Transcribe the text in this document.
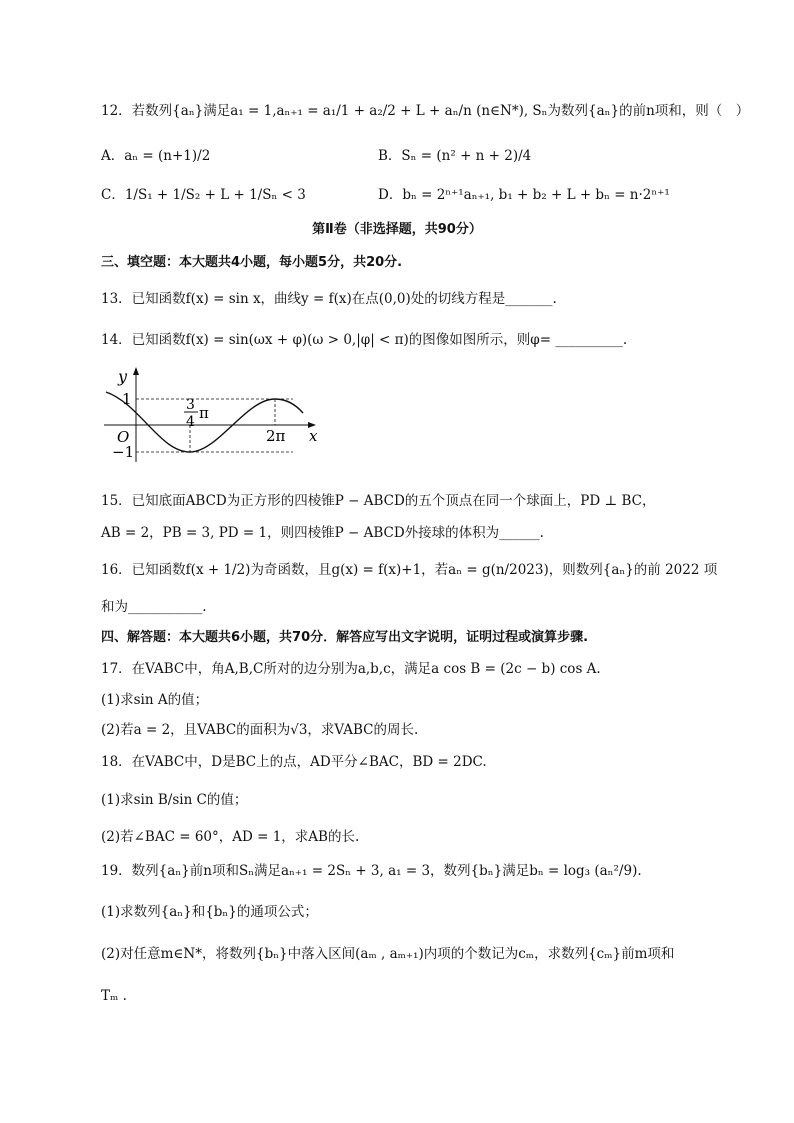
12．若数列{aₙ}满足a₁ = 1,aₙ₊₁ = a₁/1 + a₂/2 + L + aₙ/n (n∈N*), Sₙ为数列{aₙ}的前n项和，则（　）
A．aₙ = (n+1)/2	B．Sₙ = (n² + n + 2)/4
C．1/S₁ + 1/S₂ + L + 1/Sₙ < 3	D．bₙ = 2ⁿ⁺¹aₙ₊₁, b₁ + b₂ + L + bₙ = n·2ⁿ⁺¹
第Ⅱ卷（非选择题，共90分）
三、填空题：本大题共4小题，每小题5分，共20分.
13．已知函数f(x) = sin x，曲线y = f(x)在点(0,0)处的切线方程是_______.
14．已知函数f(x) = sin(ωx + φ)(ω > 0,|φ| < π)的图像如图所示，则φ= __________.
y
x
O
1
−1
3
4 π
2π
15．已知底面ABCD为正方形的四棱锥P − ABCD的五个顶点在同一个球面上，PD ⊥ BC，
AB = 2，PB = 3, PD = 1，则四棱锥P − ABCD外接球的体积为______.
16．已知函数f(x + 1/2)为奇函数，且g(x) = f(x)+1，若aₙ = g(n/2023)，则数列{aₙ}的前 2022 项
和为___________.
四、解答题：本大题共6小题，共70分．解答应写出文字说明，证明过程或演算步骤.
17．在VABC中，角A,B,C所对的边分别为a,b,c，满足a cos B = (2c − b) cos A.
(1)求sin A的值；
(2)若a = 2，且VABC的面积为√3，求VABC的周长.
18．在VABC中，D是BC上的点，AD平分∠BAC，BD = 2DC.
(1)求sin B/sin C的值；
(2)若∠BAC = 60°，AD = 1，求AB的长.
19．数列{aₙ}前n项和Sₙ满足aₙ₊₁ = 2Sₙ + 3, a₁ = 3，数列{bₙ}满足bₙ = log₃ (aₙ²/9).
(1)求数列{aₙ}和{bₙ}的通项公式；
(2)对任意m∈N*，将数列{bₙ}中落入区间(aₘ , aₘ₊₁)内项的个数记为cₘ，求数列{cₘ}前m项和
Tₘ .
